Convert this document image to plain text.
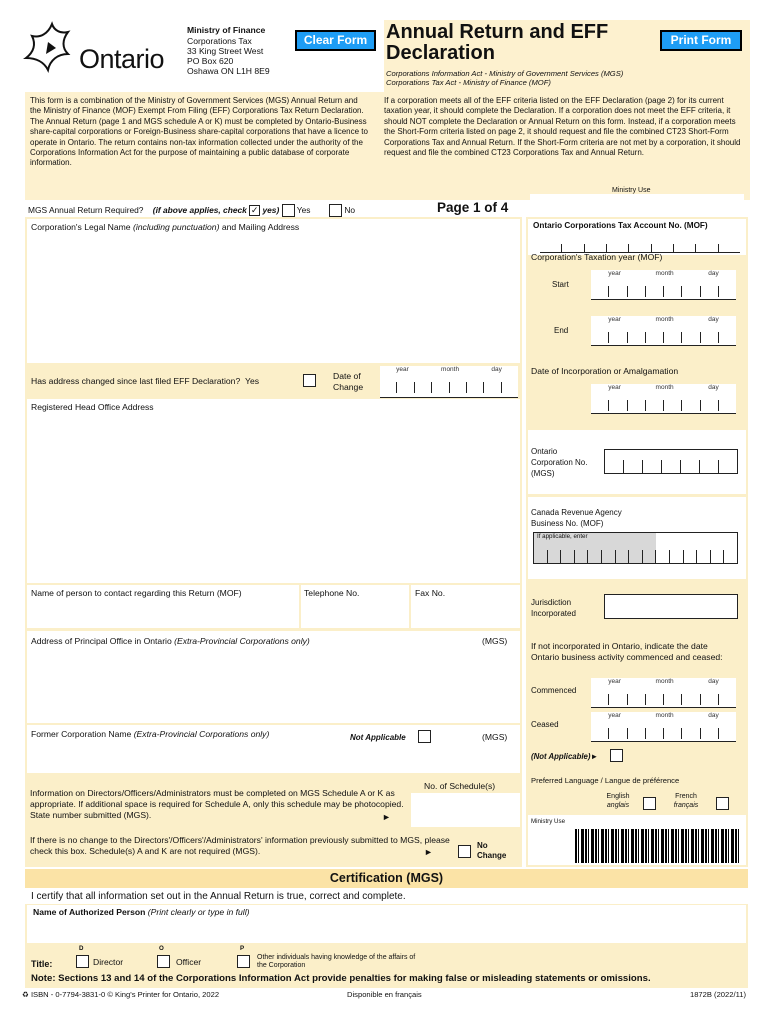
Ontario
Ministry of Finance
Corporations Tax
33 King Street West
PO Box 620
Oshawa ON L1H 8E9
Clear Form Annual Return and EFF
Declaration
Corporations Information Act - Ministry of Government Services (MGS)
Corporations Tax Act - Ministry of Finance (MOF)
Print Form
This form is a combination of the Ministry of Government Services (MGS) Annual Return and the Ministry of Finance (MOF) Exempt From Filing (EFF) Corporations Tax Return Declaration. The Annual Return (page 1 and MGS schedule A or K) must be completed by Ontario-Business share-capital corporations or Foreign-Business share-capital corporations that have a licence to operate in Ontario. The return contains non-tax information collected under the authority of the Corporations Information Act for the purpose of maintaining a public database of corporate information.
If a corporation meets all of the EFF criteria listed on the EFF Declaration (page 2) for its current taxation year, it should complete the Declaration. If a corporation does not meet the EFF criteria, it should NOT complete the Declaration or Annual Return on this form. Instead, if a corporation meets the Short-Form criteria listed on page 2, it should request and file the combined CT23 Short-Form Corporations Tax and Annual Return. If the Short-Form criteria are not met by a corporation, it should request and file the combined CT23 Corporations Tax and Annual Return.
Ministry Use
MGS Annual Return Required? (if above applies, check ✓ yes) Yes	No	Page 1 of 4
Corporation's Legal Name (including punctuation) and Mailing Address
Has address changed since last filed EFF Declaration? Yes	Date of Change
year	month	day
Registered Head Office Address
Name of person to contact regarding this Return (MOF)	Telephone No.	Fax No.
Address of Principal Office in Ontario (Extra-Provincial Corporations only)	(MGS)
Former Corporation Name (Extra-Provincial Corporations only)	Not Applicable	(MGS)
Information on Directors/Officers/Administrators must be completed on MGS Schedule A or K as appropriate. If additional space is required for Schedule A, only this schedule may be photocopied. State number submitted (MGS).	►
No. of Schedule(s)
If there is no change to the Directors'/Officers'/Administrators' information previously submitted to MGS, please check this box. Schedule(s) A and K are not required (MGS).	►
No Change
Ontario Corporations Tax Account No. (MOF)
Corporation's Taxation year (MOF)
Start
year	month	day
End
year	month	day
Date of Incorporation or Amalgamation
year	month	day
Ontario Corporation No. (MGS)
Canada Revenue Agency Business No. (MOF)
If applicable, enter
Jurisdiction Incorporated
If not incorporated in Ontario, indicate the date Ontario business activity commenced and ceased:
Commenced
year	month	day
Ceased
year	month	day
(Not Applicable)►
Preferred Language / Langue de préférence
English
anglais
French
français
Ministry Use
Certification (MGS)
I certify that all information set out in the Annual Return is true, correct and complete.
Name of Authorized Person (Print clearly or type in full)
Title:
D
Director
O
Officer
P
Other individuals having knowledge of the affairs of the Corporation
Note: Sections 13 and 14 of the Corporations Information Act provide penalties for making false or misleading statements or omissions.
♻ ISBN - 0-7794-3831-0 © King's Printer for Ontario, 2022	Disponible en français	1872B (2022/11)
